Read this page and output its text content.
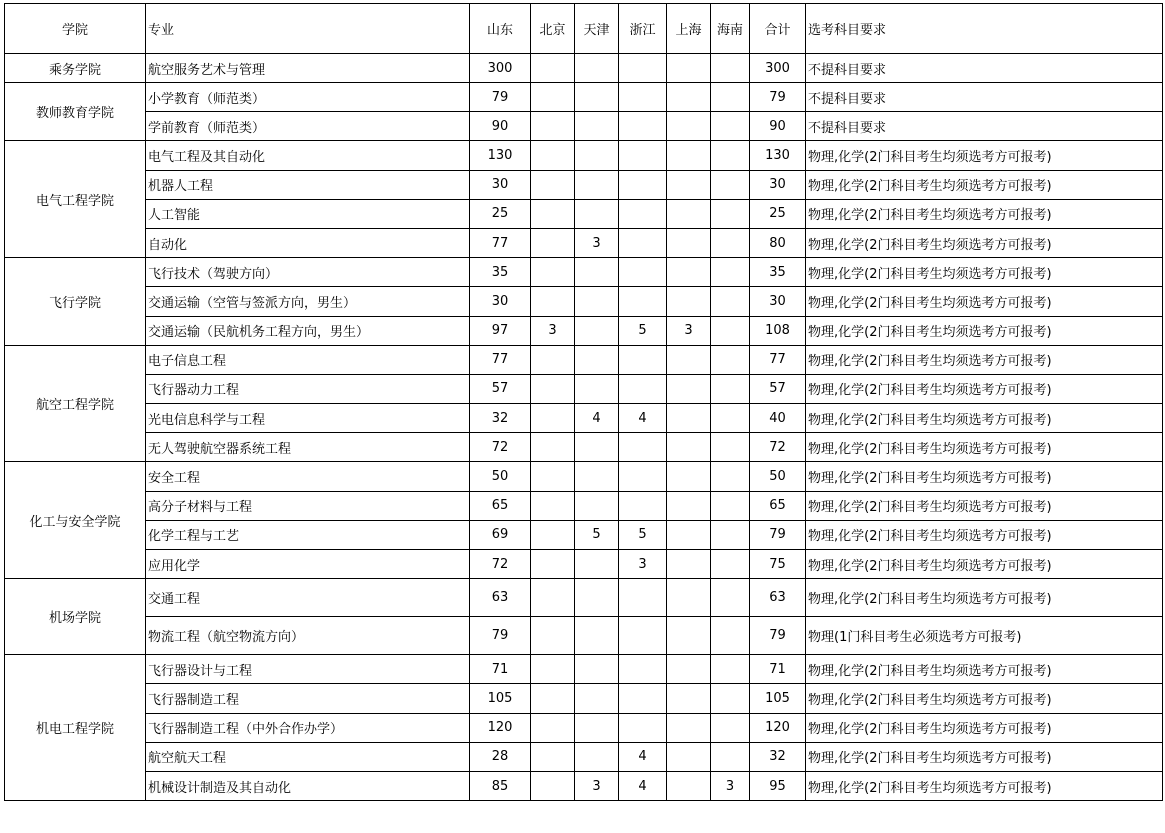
学院	专业	山东	北京	天津	浙江	上海	海南	合计	选考科目要求
乘务学院	航空服务艺术与管理	300						300	不提科目要求
教师教育学院	小学教育（师范类）	79						79	不提科目要求
	学前教育（师范类）	90						90	不提科目要求
电气工程学院	电气工程及其自动化	130						130	物理,化学(2门科目考生均须选考方可报考)
	机器人工程	30						30	物理,化学(2门科目考生均须选考方可报考)
	人工智能	25						25	物理,化学(2门科目考生均须选考方可报考)
	自动化	77		3				80	物理,化学(2门科目考生均须选考方可报考)
飞行学院	飞行技术（驾驶方向）	35						35	物理,化学(2门科目考生均须选考方可报考)
	交通运输（空管与签派方向，男生）	30						30	物理,化学(2门科目考生均须选考方可报考)
	交通运输（民航机务工程方向，男生）	97	3		5	3		108	物理,化学(2门科目考生均须选考方可报考)
航空工程学院	电子信息工程	77						77	物理,化学(2门科目考生均须选考方可报考)
	飞行器动力工程	57						57	物理,化学(2门科目考生均须选考方可报考)
	光电信息科学与工程	32		4	4			40	物理,化学(2门科目考生均须选考方可报考)
	无人驾驶航空器系统工程	72						72	物理,化学(2门科目考生均须选考方可报考)
化工与安全学院	安全工程	50						50	物理,化学(2门科目考生均须选考方可报考)
	高分子材料与工程	65						65	物理,化学(2门科目考生均须选考方可报考)
	化学工程与工艺	69		5	5			79	物理,化学(2门科目考生均须选考方可报考)
	应用化学	72			3			75	物理,化学(2门科目考生均须选考方可报考)
机场学院	交通工程	63						63	物理,化学(2门科目考生均须选考方可报考)
	物流工程（航空物流方向）	79						79	物理(1门科目考生必须选考方可报考)
机电工程学院	飞行器设计与工程	71						71	物理,化学(2门科目考生均须选考方可报考)
	飞行器制造工程	105						105	物理,化学(2门科目考生均须选考方可报考)
	飞行器制造工程（中外合作办学）	120						120	物理,化学(2门科目考生均须选考方可报考)
	航空航天工程	28			4			32	物理,化学(2门科目考生均须选考方可报考)
	机械设计制造及其自动化	85		3	4		3	95	物理,化学(2门科目考生均须选考方可报考)
